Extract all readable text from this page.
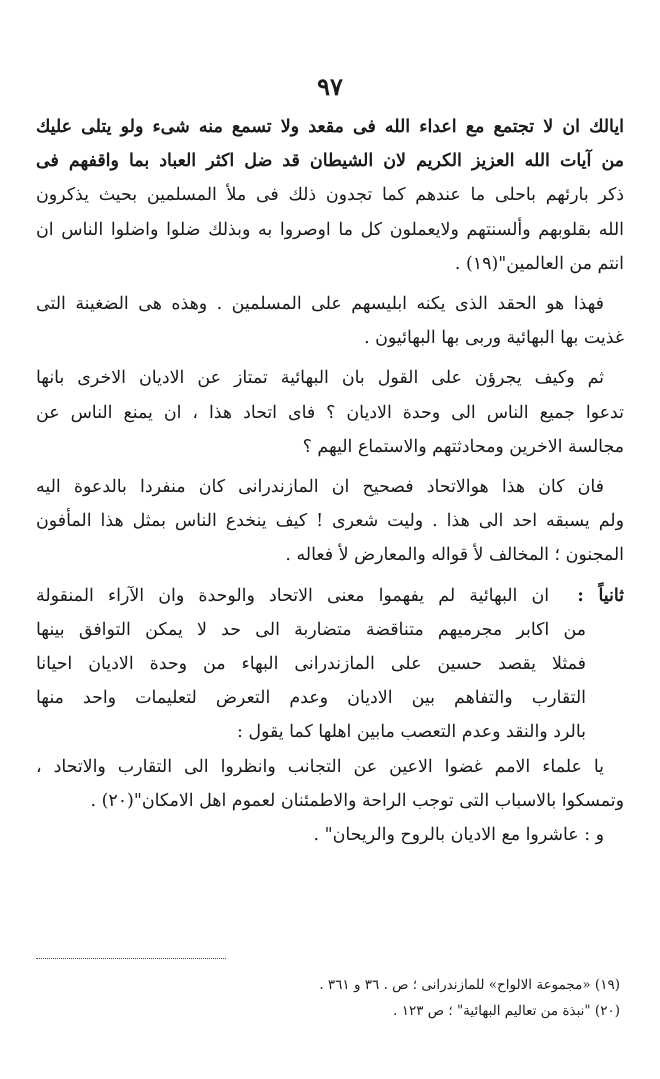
٩٧
ايالك ان لا تجتمع مع اعداء الله فى مقعد ولا تسمع منه شىء ولو يتلى عليك
من آيات الله العزيز الكريم لان الشيطان قد ضل اكثر العباد بما واقفهم فى
ذكر بارئهم باحلى ما عندهم كما تجدون ذلك فى ملأ المسلمين بحيث يذكرون
الله بقلوبهم وألسنتهم ولايعملون كل ما اوصروا به وبذلك ضلوا واضلوا الناس ان
انتم من العالمين"(١٩) .
فهذا هو الحقد الذى يكنه ابليسهم على المسلمين . وهذه هى الضغينة التى
غذيت بها البهائية وربى بها البهائيون .
ثم وكيف يجرؤن على القول بان البهائية تمتاز عن الاديان الاخرى بانها
تدعوا جميع الناس الى وحدة الاديان ؟ فاى اتحاد هذا ، ان يمنع الناس عن
مجالسة الاخرين ومحادثتهم والاستماع اليهم ؟
فان كان هذا هوالاتحاد فصحيح ان المازندرانى كان منفردا بالدعوة اليه
ولم يسبقه احد الى هذا . وليت شعرى ! كيف ينخدع الناس بمثل هذا المأفون
المجنون ؛ المخالف لأ قواله والمعارض لأ فعاله .
ثانياً :  ان البهائية لم يفهموا معنى الاتحاد والوحدة وان الآراء المنقولة
من اكابر مجرميهم متناقضة متضاربة الى حد لا يمكن التوافق بينها
فمثلا يقصد حسين على المازندرانى البهاء من وحدة الاديان احيانا
التقارب والتفاهم بين الاديان وعدم التعرض لتعليمات واحد منها
بالرد والنقد وعدم التعصب مابين اهلها كما يقول :
يا علماء الامم غضوا الاعين عن التجانب وانظروا الى التقارب والاتحاد ،
وتمسكوا بالاسباب التى توجب الراحة والاطمئنان لعموم اهل الامكان"(٢٠) .
و : عاشروا مع الاديان بالروح والريحان" .
(١٩) «مجموعة الالواح» للمازندرانى ؛ ص . ٣٦ و ٣٦١ .
(٢٠) "نبذة من تعاليم البهائية" ؛ ص ١٢٣ .
